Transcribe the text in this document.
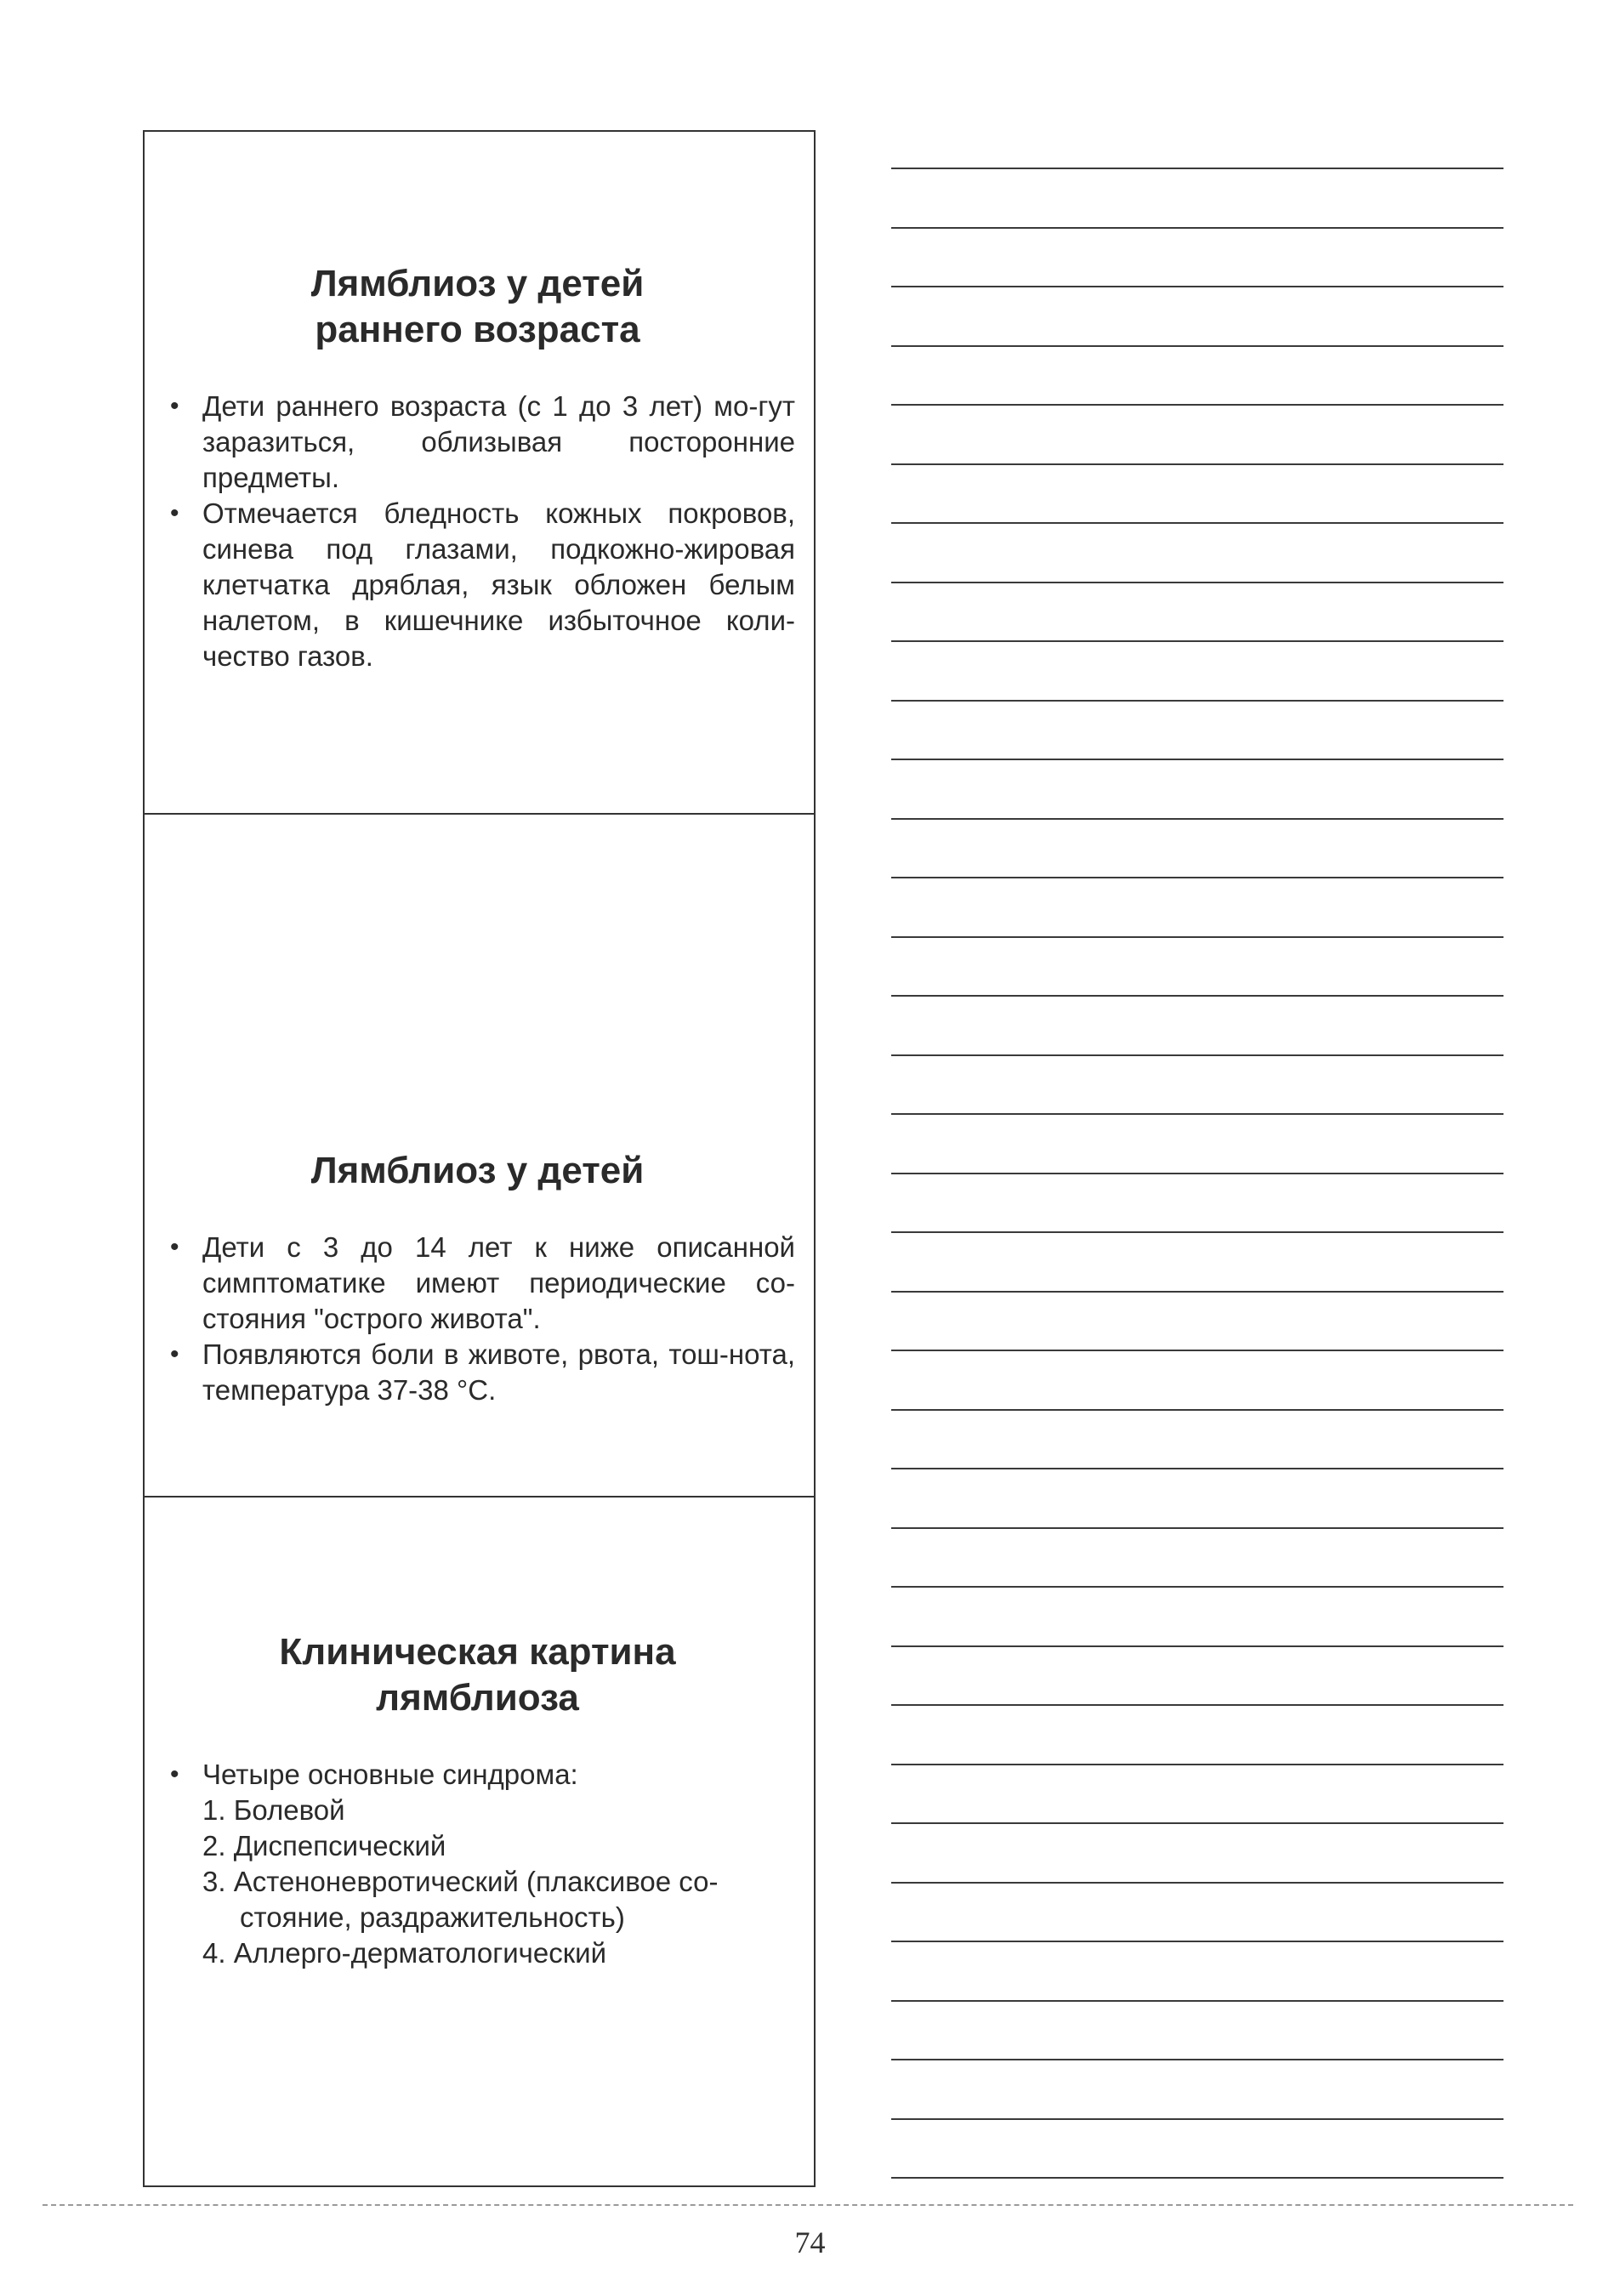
Лямблиоз у детей
раннего возраста
• Дети раннего возраста (с 1 до 3 лет) мо-гут заразиться, облизывая посторонние предметы.
• Отмечается бледность кожных покровов, синева под глазами, подкожно-жировая клетчатка дряблая, язык обложен белым налетом, в кишечнике избыточное коли-чество газов.
Лямблиоз у детей
• Дети с 3 до 14 лет к ниже описанной симптоматике имеют периодические со-стояния "острого живота".
• Появляются боли в животе, рвота, тош-нота, температура 37-38 °С.
Клиническая картина
лямблиоза
• Четыре основные синдрома:
1. Болевой
2. Диспепсический
3. Астеноневротический (плаксивое со-стояние, раздражительность)
4. Аллерго-дерматологический
74
